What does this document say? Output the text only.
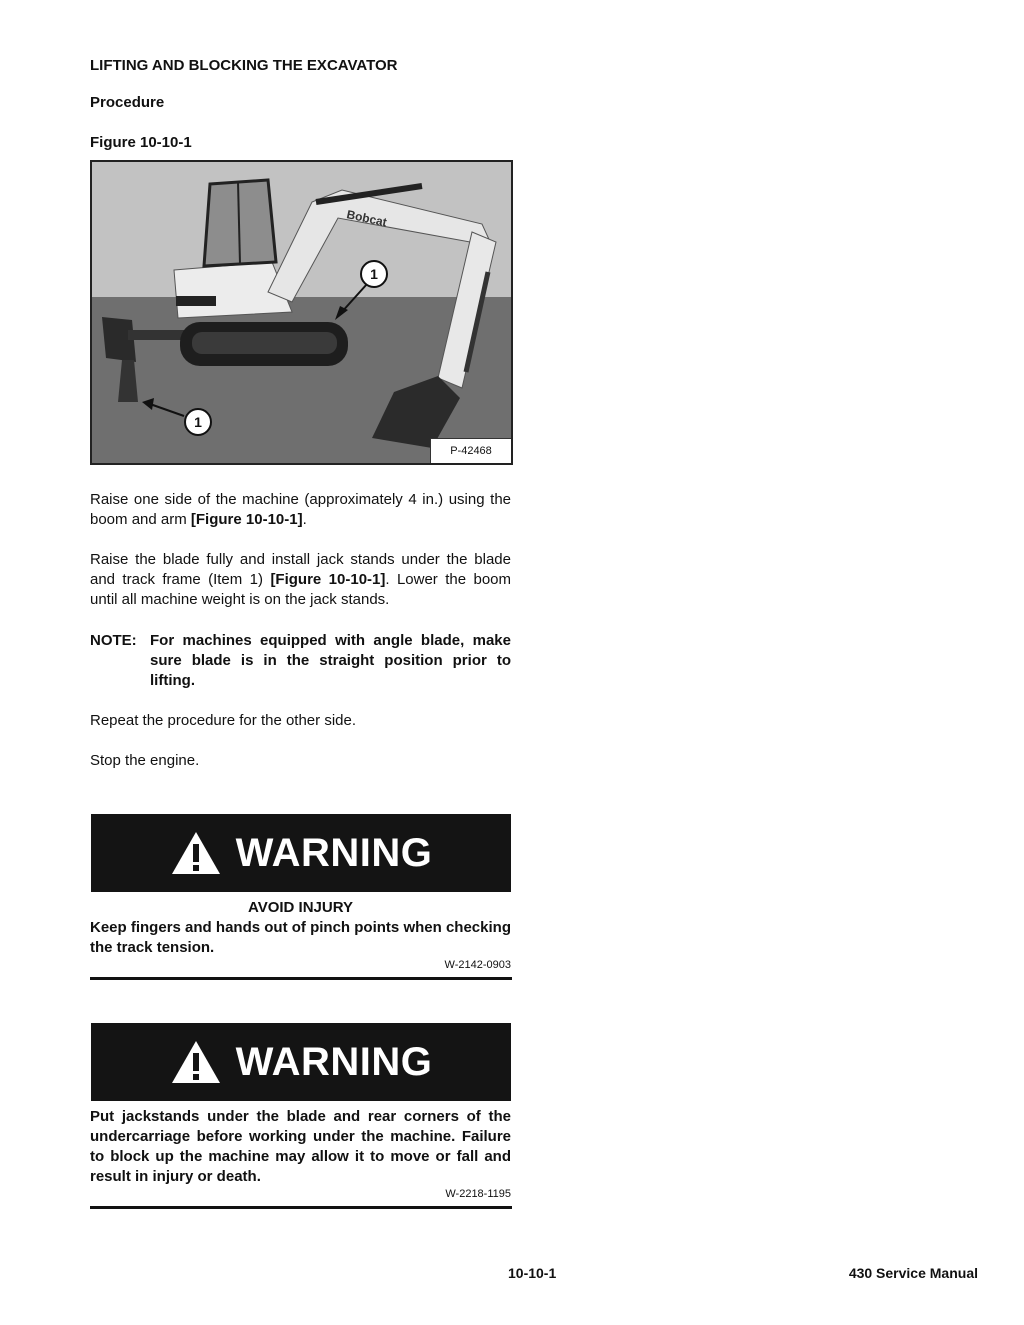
LIFTING AND BLOCKING THE EXCAVATOR
Procedure
Figure 10-10-1
Bobcat
1
1
P-42468
Raise one side of the machine (approximately 4 in.) using the boom and arm [Figure 10-10-1].
Raise the blade fully and install jack stands under the blade and track frame (Item 1) [Figure 10-10-1]. Lower the boom until all machine weight is on the jack stands.
NOTE: For machines equipped with angle blade, make sure blade is in the straight position prior to lifting.
Repeat the procedure for the other side.
Stop the engine.
WARNING
AVOID INJURY
Keep fingers and hands out of pinch points when checking the track tension.
W-2142-0903
WARNING
Put jackstands under the blade and rear corners of the undercarriage before working under the machine. Failure to block up the machine may allow it to move or fall and result in injury or death.
W-2218-1195
10-10-1	430 Service Manual
